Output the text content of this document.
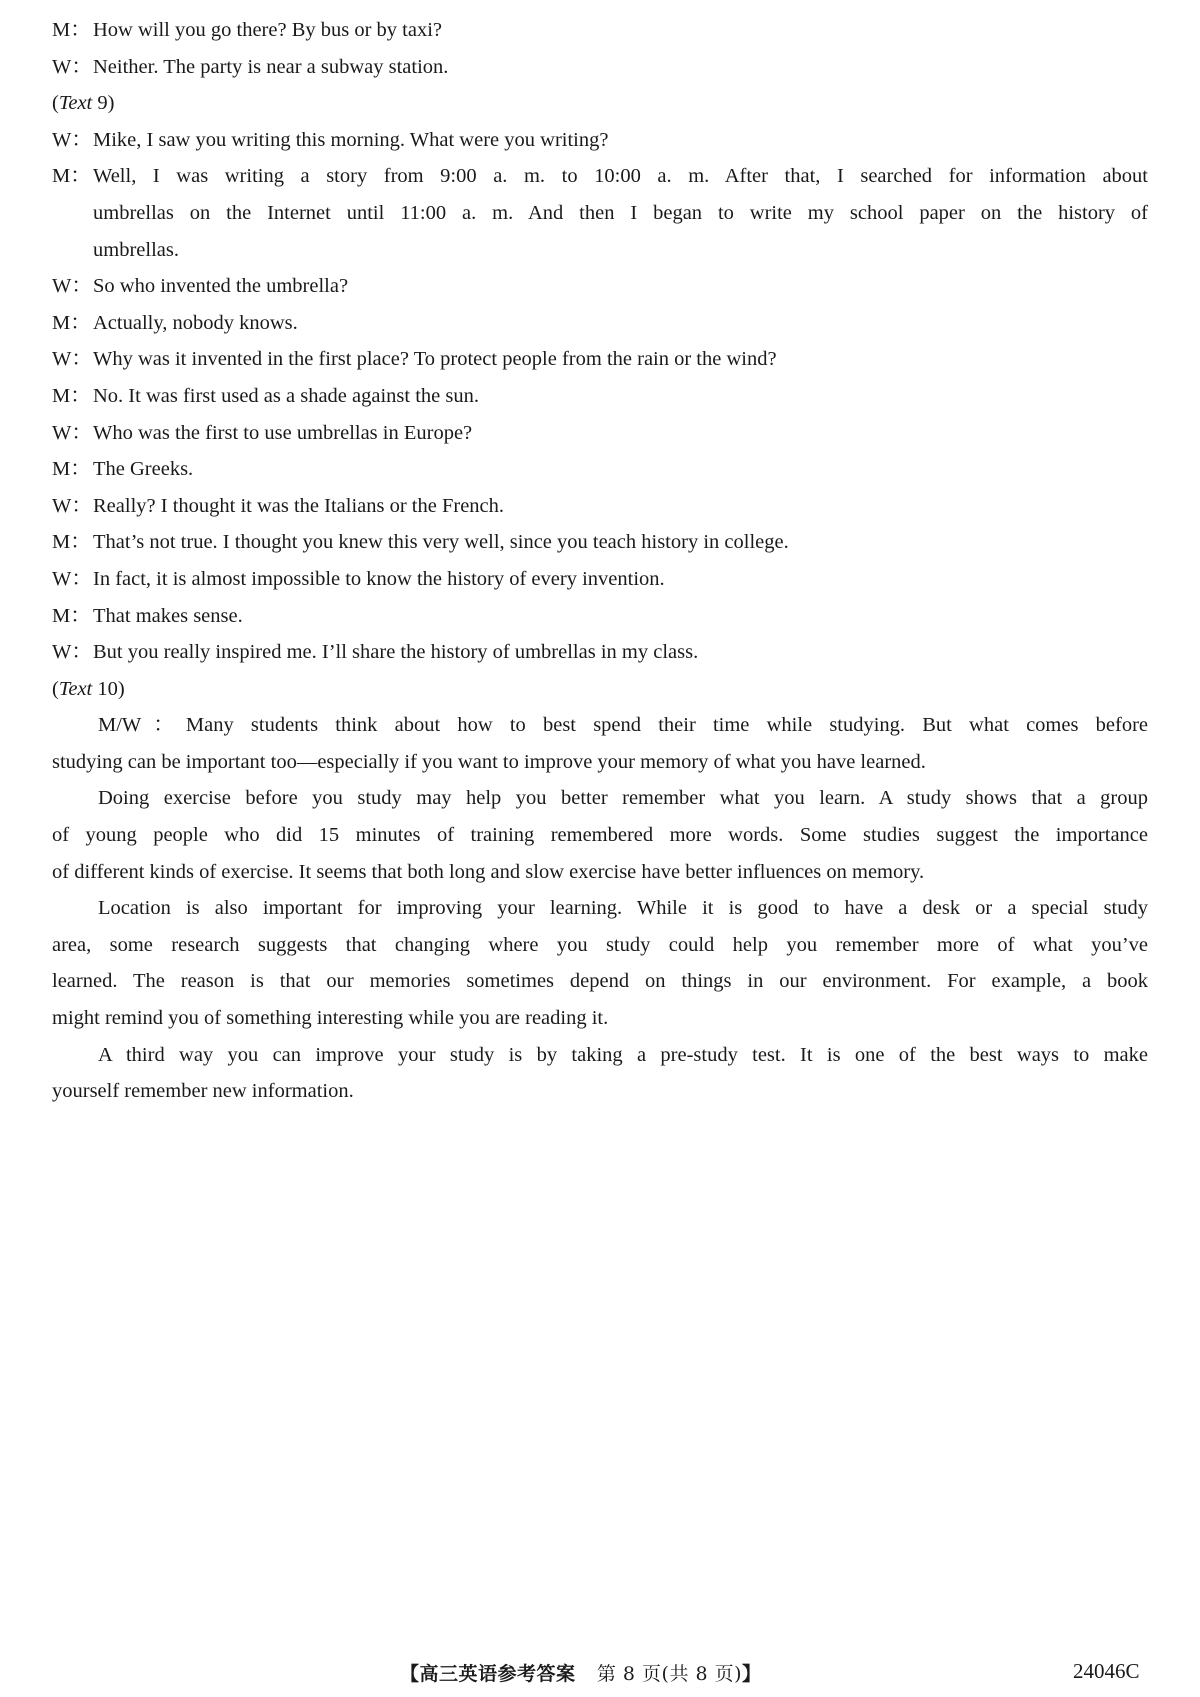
M： How will you go there? By bus or by taxi?
W： Neither. The party is near a subway station.
(Text 9)
W： Mike, I saw you writing this morning. What were you writing?
M： Well, I was writing a story from 9:00 a. m. to 10:00 a. m. After that, I searched for information about
umbrellas on the Internet until 11:00 a. m. And then I began to write my school paper on the history of
umbrellas.
W： So who invented the umbrella?
M： Actually, nobody knows.
W： Why was it invented in the first place? To protect people from the rain or the wind?
M： No. It was first used as a shade against the sun.
W： Who was the first to use umbrellas in Europe?
M： The Greeks.
W： Really? I thought it was the Italians or the French.
M： That’s not true. I thought you knew this very well, since you teach history in college.
W： In fact, it is almost impossible to know the history of every invention.
M： That makes sense.
W： But you really inspired me. I’ll share the history of umbrellas in my class.
(Text 10)
M/W：Many students think about how to best spend their time while studying. But what comes before
studying can be important too—especially if you want to improve your memory of what you have learned.
Doing exercise before you study may help you better remember what you learn. A study shows that a group
of young people who did 15 minutes of training remembered more words. Some studies suggest the importance
of different kinds of exercise. It seems that both long and slow exercise have better influences on memory.
Location is also important for improving your learning. While it is good to have a desk or a special study
area, some research suggests that changing where you study could help you remember more of what you’ve
learned. The reason is that our memories sometimes depend on things in our environment. For example, a book
might remind you of something interesting while you are reading it.
A third way you can improve your study is by taking a pre-study test. It is one of the best ways to make
yourself remember new information.
【高三英语参考答案 第 8 页(共 8 页)】	24046C
